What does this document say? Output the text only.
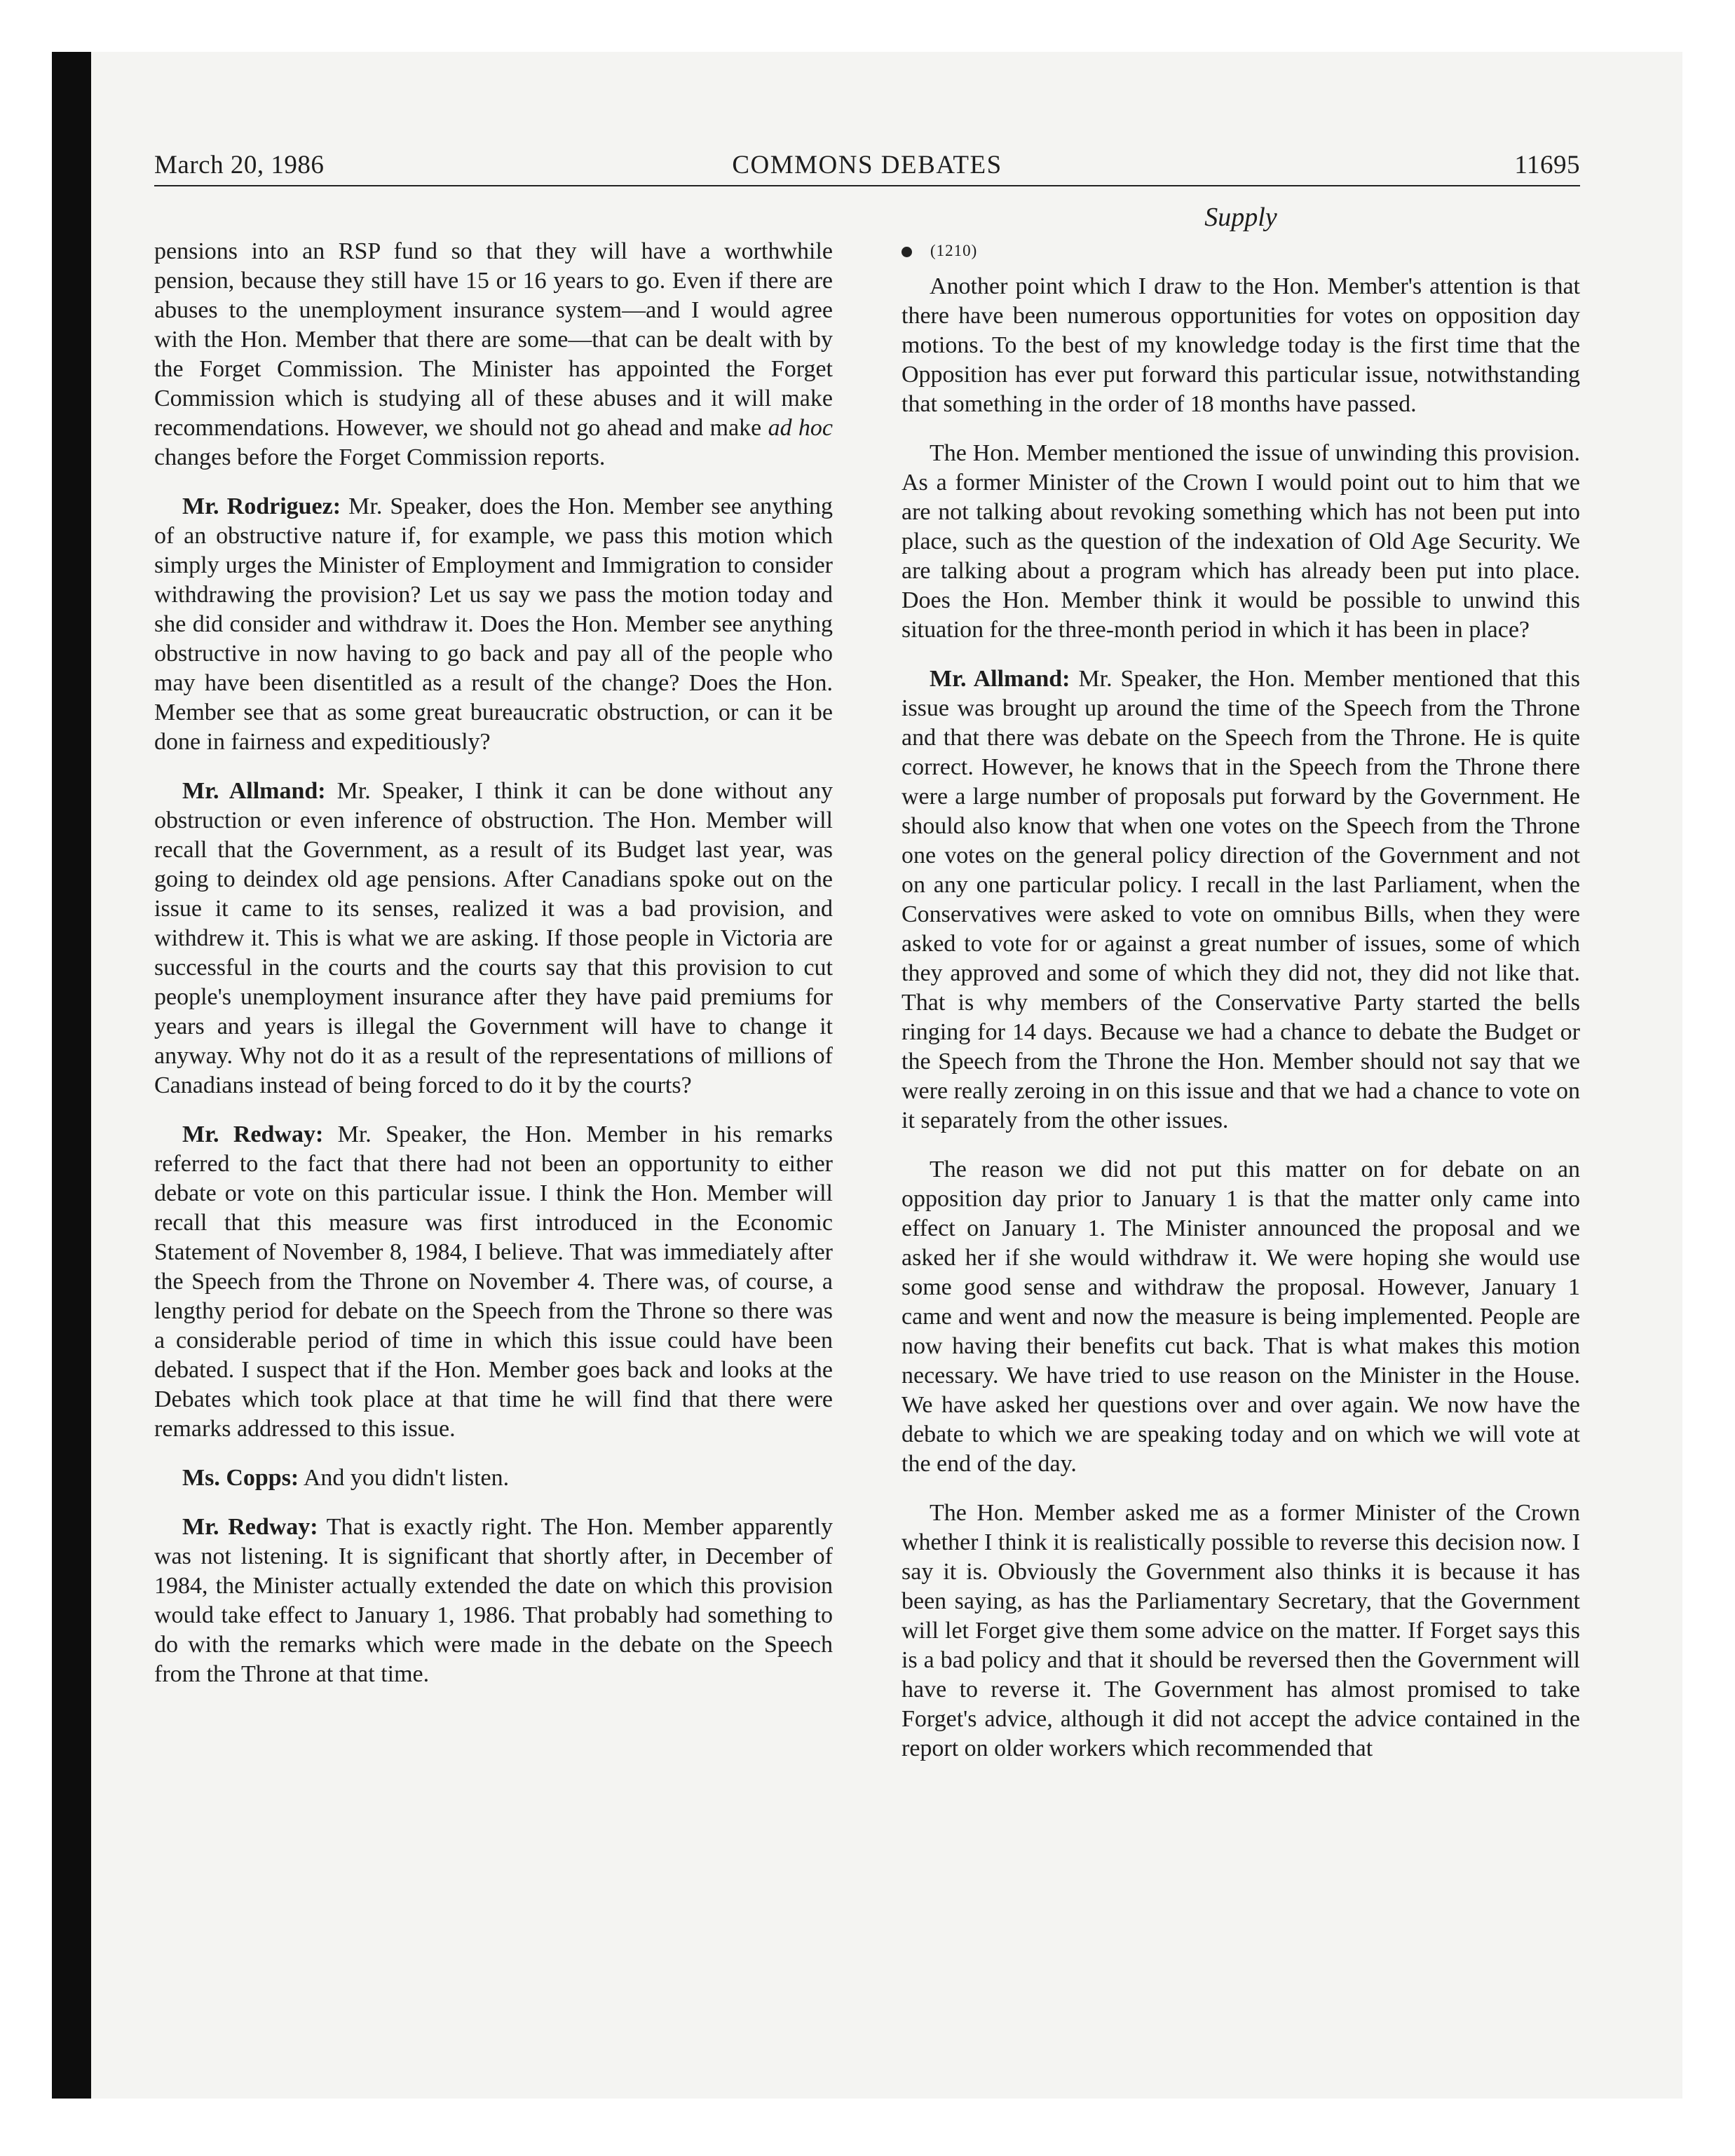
March 20, 1986	COMMONS DEBATES	11695
Supply

pensions into an RSP fund so that they will have a worthwhile pension, because they still have 15 or 16 years to go. Even if there are abuses to the unemployment insurance system—and I would agree with the Hon. Member that there are some—that can be dealt with by the Forget Commission. The Minister has appointed the Forget Commission which is studying all of these abuses and it will make recommendations. However, we should not go ahead and make ad hoc changes before the Forget Commission reports.

Mr. Rodriguez: Mr. Speaker, does the Hon. Member see anything of an obstructive nature if, for example, we pass this motion which simply urges the Minister of Employment and Immigration to consider withdrawing the provision? Let us say we pass the motion today and she did consider and withdraw it. Does the Hon. Member see anything obstructive in now having to go back and pay all of the people who may have been disentitled as a result of the change? Does the Hon. Member see that as some great bureaucratic obstruction, or can it be done in fairness and expeditiously?

Mr. Allmand: Mr. Speaker, I think it can be done without any obstruction or even inference of obstruction. The Hon. Member will recall that the Government, as a result of its Budget last year, was going to deindex old age pensions. After Canadians spoke out on the issue it came to its senses, realized it was a bad provision, and withdrew it. This is what we are asking. If those people in Victoria are successful in the courts and the courts say that this provision to cut people's unemployment insurance after they have paid premiums for years and years is illegal the Government will have to change it anyway. Why not do it as a result of the representations of millions of Canadians instead of being forced to do it by the courts?

Mr. Redway: Mr. Speaker, the Hon. Member in his remarks referred to the fact that there had not been an opportunity to either debate or vote on this particular issue. I think the Hon. Member will recall that this measure was first introduced in the Economic Statement of November 8, 1984, I believe. That was immediately after the Speech from the Throne on November 4. There was, of course, a lengthy period for debate on the Speech from the Throne so there was a considerable period of time in which this issue could have been debated. I suspect that if the Hon. Member goes back and looks at the Debates which took place at that time he will find that there were remarks addressed to this issue.

Ms. Copps: And you didn't listen.

Mr. Redway: That is exactly right. The Hon. Member apparently was not listening. It is significant that shortly after, in December of 1984, the Minister actually extended the date on which this provision would take effect to January 1, 1986. That probably had something to do with the remarks which were made in the debate on the Speech from the Throne at that time.

(1210)

Another point which I draw to the Hon. Member's attention is that there have been numerous opportunities for votes on opposition day motions. To the best of my knowledge today is the first time that the Opposition has ever put forward this particular issue, notwithstanding that something in the order of 18 months have passed.

The Hon. Member mentioned the issue of unwinding this provision. As a former Minister of the Crown I would point out to him that we are not talking about revoking something which has not been put into place, such as the question of the indexation of Old Age Security. We are talking about a program which has already been put into place. Does the Hon. Member think it would be possible to unwind this situation for the three-month period in which it has been in place?

Mr. Allmand: Mr. Speaker, the Hon. Member mentioned that this issue was brought up around the time of the Speech from the Throne and that there was debate on the Speech from the Throne. He is quite correct. However, he knows that in the Speech from the Throne there were a large number of proposals put forward by the Government. He should also know that when one votes on the Speech from the Throne one votes on the general policy direction of the Government and not on any one particular policy. I recall in the last Parliament, when the Conservatives were asked to vote on omnibus Bills, when they were asked to vote for or against a great number of issues, some of which they approved and some of which they did not, they did not like that. That is why members of the Conservative Party started the bells ringing for 14 days. Because we had a chance to debate the Budget or the Speech from the Throne the Hon. Member should not say that we were really zeroing in on this issue and that we had a chance to vote on it separately from the other issues.

The reason we did not put this matter on for debate on an opposition day prior to January 1 is that the matter only came into effect on January 1. The Minister announced the proposal and we asked her if she would withdraw it. We were hoping she would use some good sense and withdraw the proposal. However, January 1 came and went and now the measure is being implemented. People are now having their benefits cut back. That is what makes this motion necessary. We have tried to use reason on the Minister in the House. We have asked her questions over and over again. We now have the debate to which we are speaking today and on which we will vote at the end of the day.

The Hon. Member asked me as a former Minister of the Crown whether I think it is realistically possible to reverse this decision now. I say it is. Obviously the Government also thinks it is because it has been saying, as has the Parliamentary Secretary, that the Government will let Forget give them some advice on the matter. If Forget says this is a bad policy and that it should be reversed then the Government will have to reverse it. The Government has almost promised to take Forget's advice, although it did not accept the advice contained in the report on older workers which recommended that
